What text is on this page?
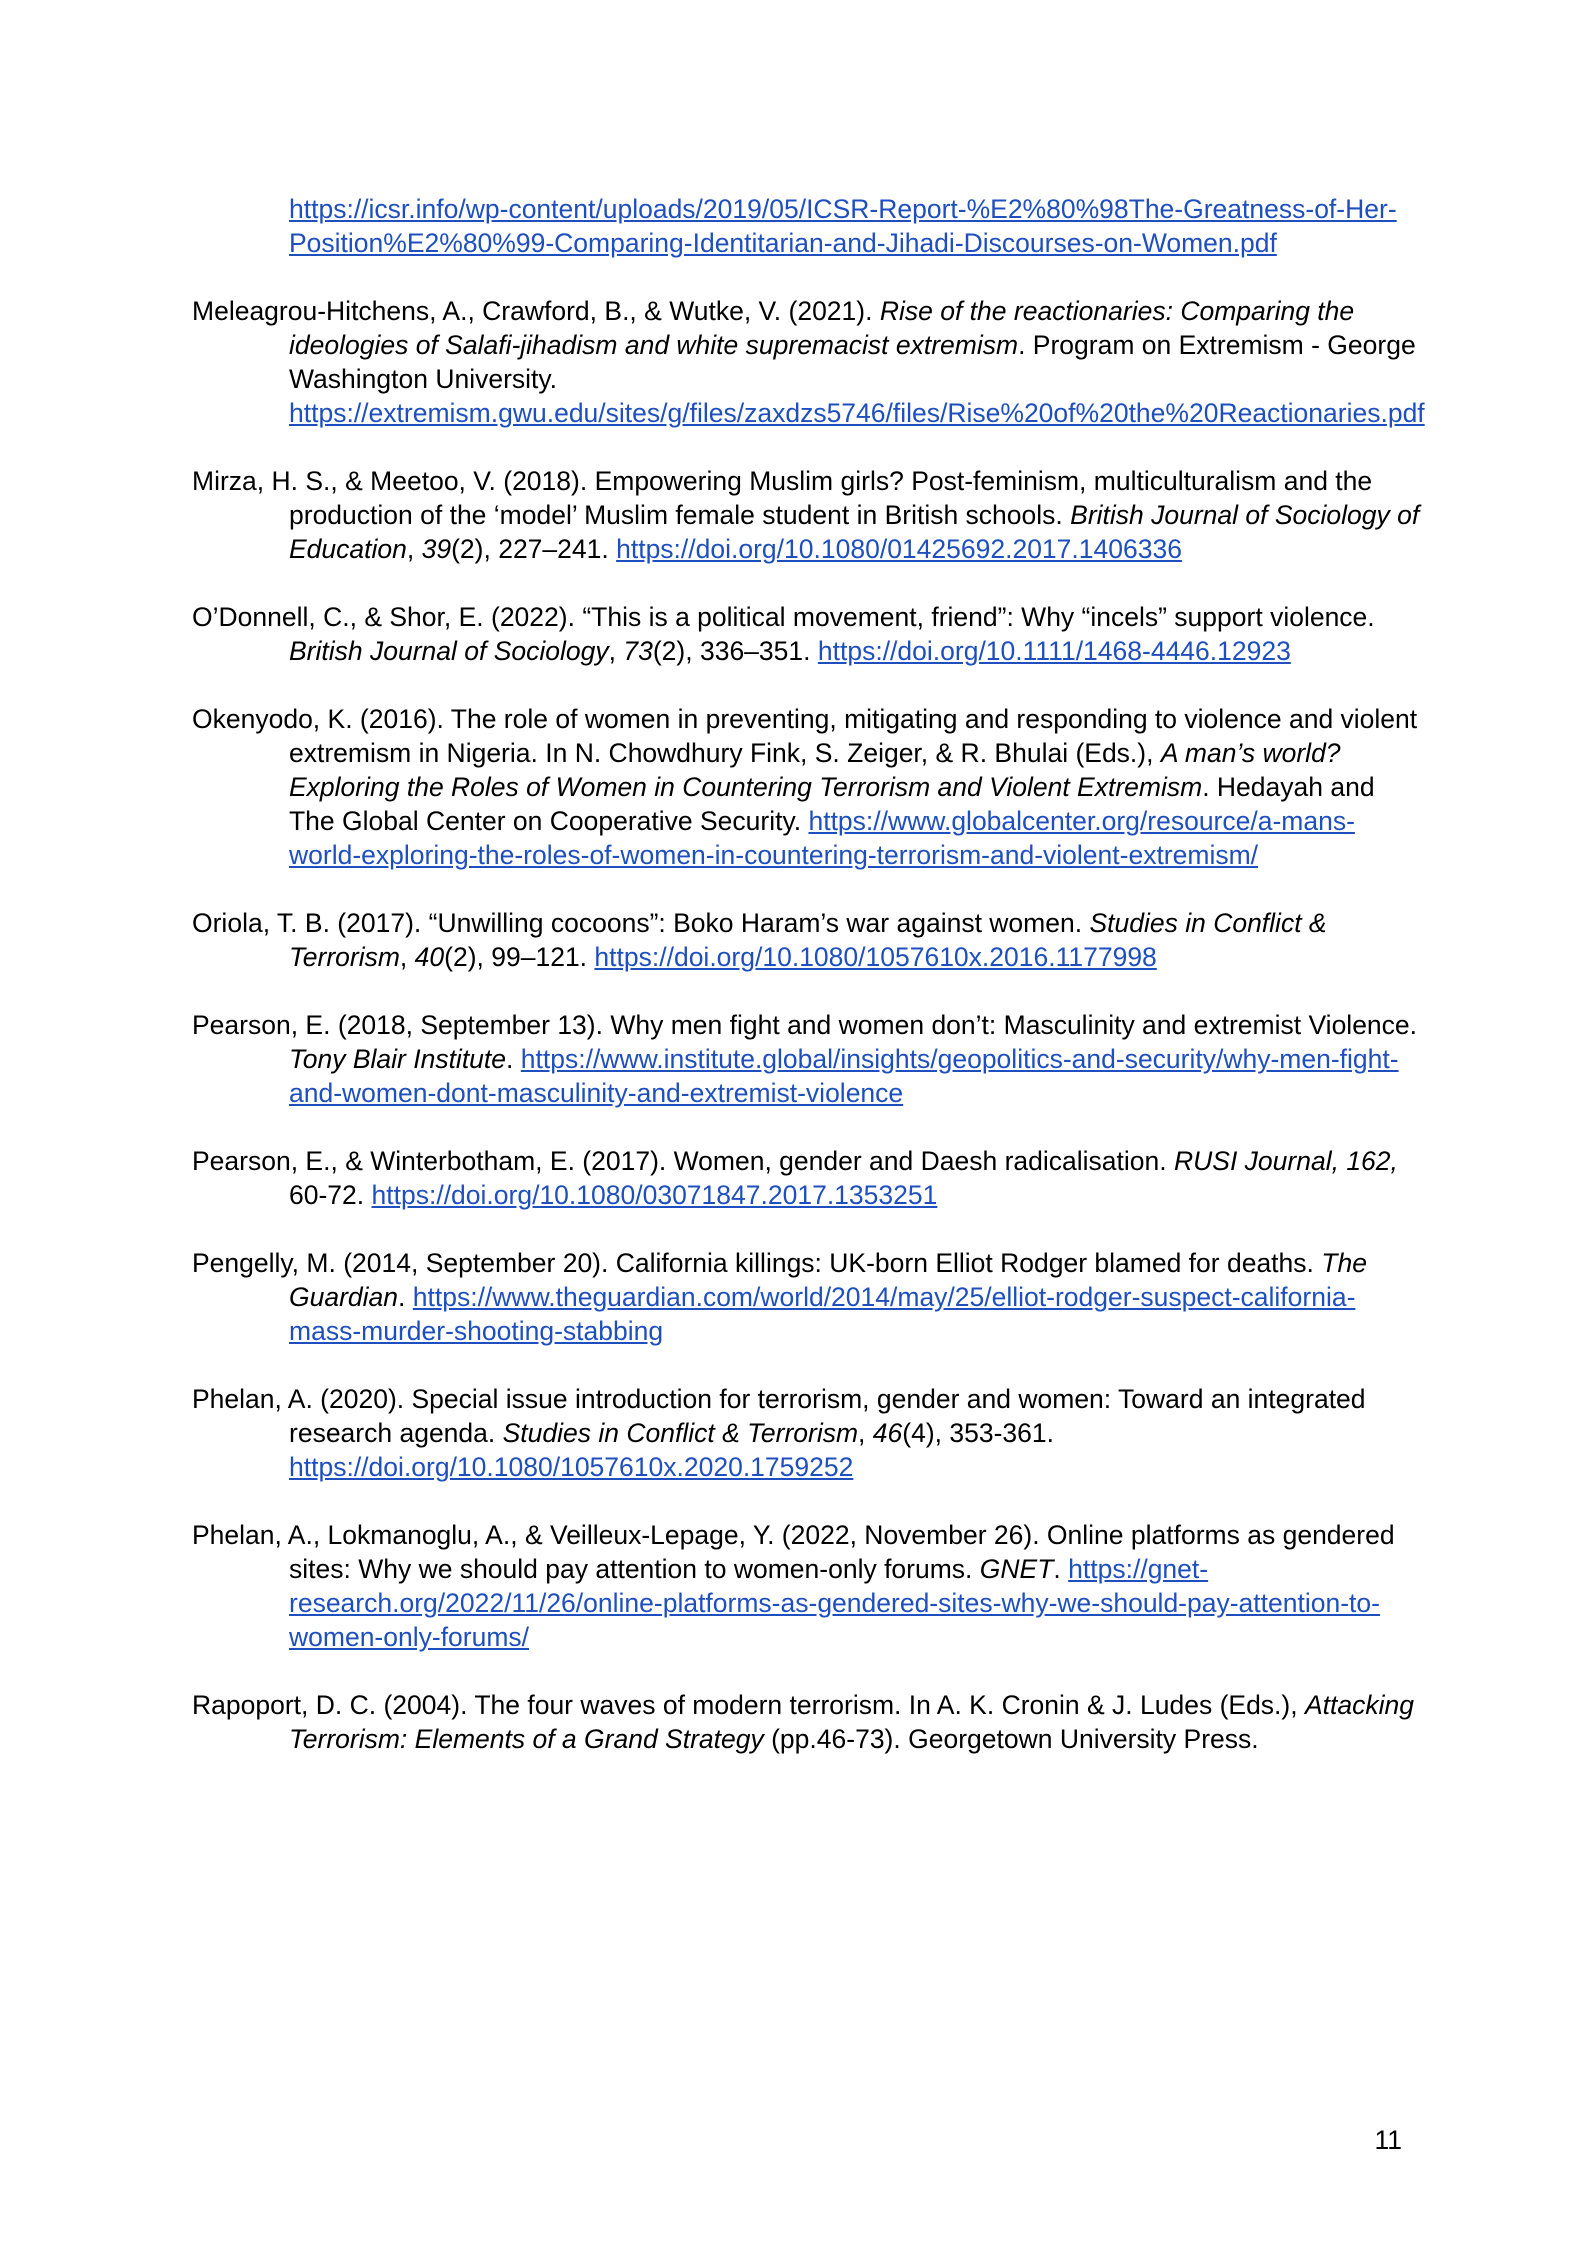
https://icsr.info/wp-content/uploads/2019/05/ICSR-Report-%E2%80%98The-Greatness-of-Her-Position%E2%80%99-Comparing-Identitarian-and-Jihadi-Discourses-on-Women.pdf

Meleagrou-Hitchens, A., Crawford, B., & Wutke, V. (2021). Rise of the reactionaries: Comparing the ideologies of Salafi-jihadism and white supremacist extremism. Program on Extremism - George Washington University. https://extremism.gwu.edu/sites/g/files/zaxdzs5746/files/Rise%20of%20the%20Reactionaries.pdf

Mirza, H. S., & Meetoo, V. (2018). Empowering Muslim girls? Post-feminism, multiculturalism and the production of the ‘model’ Muslim female student in British schools. British Journal of Sociology of Education, 39(2), 227–241. https://doi.org/10.1080/01425692.2017.1406336

O’Donnell, C., & Shor, E. (2022). “This is a political movement, friend”: Why “incels” support violence. British Journal of Sociology, 73(2), 336–351. https://doi.org/10.1111/1468-4446.12923

Okenyodo, K. (2016). The role of women in preventing, mitigating and responding to violence and violent extremism in Nigeria. In N. Chowdhury Fink, S. Zeiger, & R. Bhulai (Eds.), A man’s world? Exploring the Roles of Women in Countering Terrorism and Violent Extremism. Hedayah and The Global Center on Cooperative Security. https://www.globalcenter.org/resource/a-mans-world-exploring-the-roles-of-women-in-countering-terrorism-and-violent-extremism/

Oriola, T. B. (2017). “Unwilling cocoons”: Boko Haram’s war against women. Studies in Conflict & Terrorism, 40(2), 99–121. https://doi.org/10.1080/1057610x.2016.1177998

Pearson, E. (2018, September 13). Why men fight and women don’t: Masculinity and extremist Violence. Tony Blair Institute. https://www.institute.global/insights/geopolitics-and-security/why-men-fight-and-women-dont-masculinity-and-extremist-violence

Pearson, E., & Winterbotham, E. (2017). Women, gender and Daesh radicalisation. RUSI Journal, 162, 60-72. https://doi.org/10.1080/03071847.2017.1353251

Pengelly, M. (2014, September 20). California killings: UK-born Elliot Rodger blamed for deaths. The Guardian. https://www.theguardian.com/world/2014/may/25/elliot-rodger-suspect-california-mass-murder-shooting-stabbing

Phelan, A. (2020). Special issue introduction for terrorism, gender and women: Toward an integrated research agenda. Studies in Conflict & Terrorism, 46(4), 353-361. https://doi.org/10.1080/1057610x.2020.1759252

Phelan, A., Lokmanoglu, A., & Veilleux-Lepage, Y. (2022, November 26). Online platforms as gendered sites: Why we should pay attention to women-only forums. GNET. https://gnet-research.org/2022/11/26/online-platforms-as-gendered-sites-why-we-should-pay-attention-to-women-only-forums/

Rapoport, D. C. (2004). The four waves of modern terrorism. In A. K. Cronin & J. Ludes (Eds.), Attacking Terrorism: Elements of a Grand Strategy (pp.46-73). Georgetown University Press.

11
